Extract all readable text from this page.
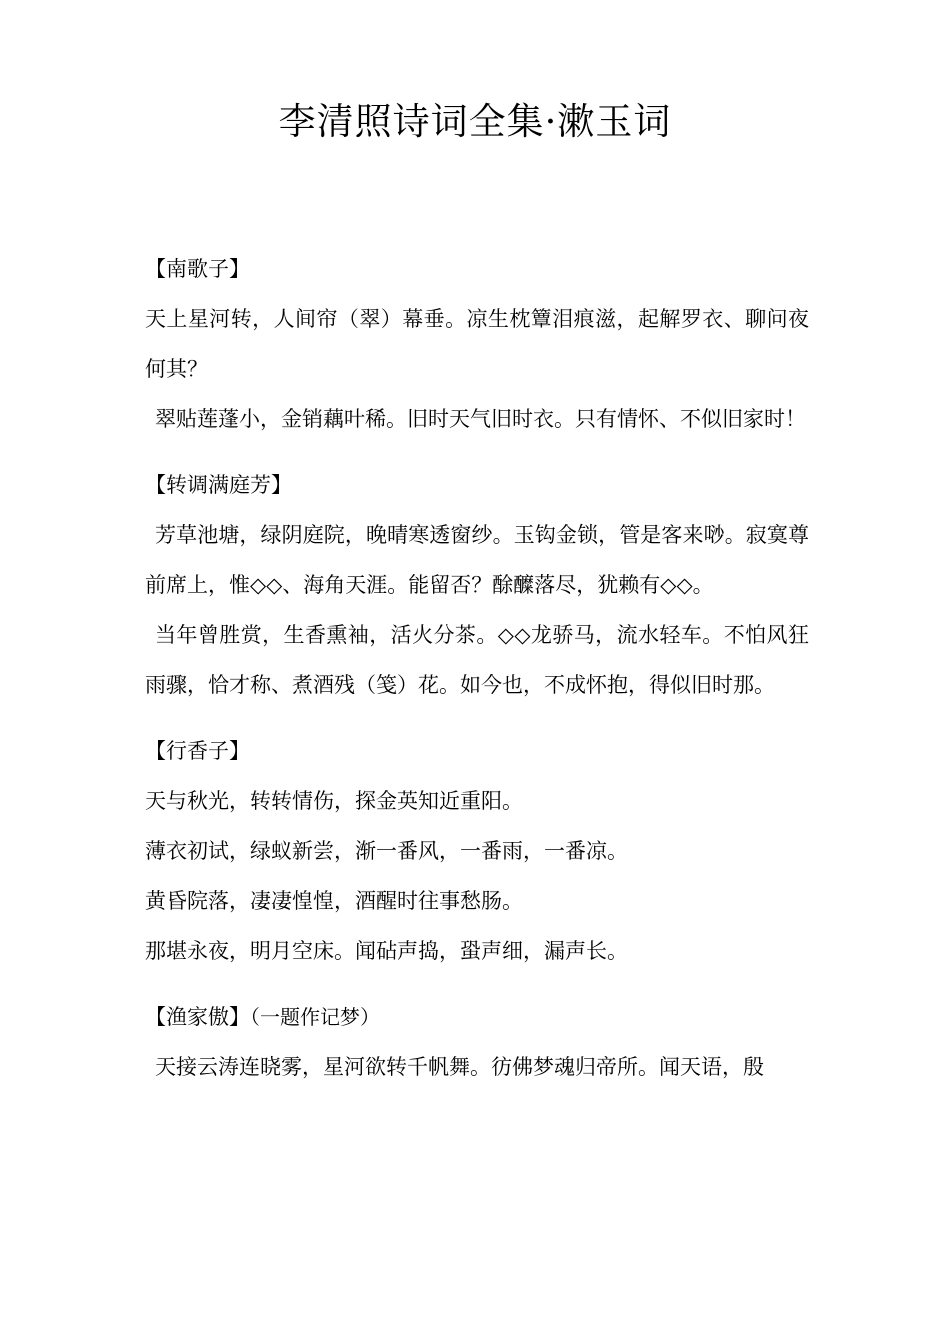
李清照诗词全集·漱玉词
【南歌子】

天上星河转，人间帘（翠）幕垂。凉生枕簟泪痕滋，起解罗衣、聊问夜何其？

翠贴莲蓬小，金销藕叶稀。旧时天气旧时衣。只有情怀、不似旧家时！

【转调满庭芳】

芳草池塘，绿阴庭院，晚晴寒透窗纱。玉钩金锁，管是客来唦。寂寞尊前席上，惟◇◇、海角天涯。能留否？酴醾落尽，犹赖有◇◇。

当年曾胜赏，生香熏袖，活火分茶。◇◇龙骄马，流水轻车。不怕风狂雨骤，恰才称、煮酒残（笺）花。如今也，不成怀抱，得似旧时那。

【行香子】

天与秋光，转转情伤，探金英知近重阳。

薄衣初试，绿蚁新尝，渐一番风，一番雨，一番凉。

黄昏院落，凄凄惶惶，酒醒时往事愁肠。

那堪永夜，明月空床。闻砧声捣，蛩声细，漏声长。

【渔家傲】（一题作记梦）

天接云涛连晓雾，星河欲转千帆舞。彷佛梦魂归帝所。闻天语，殷
